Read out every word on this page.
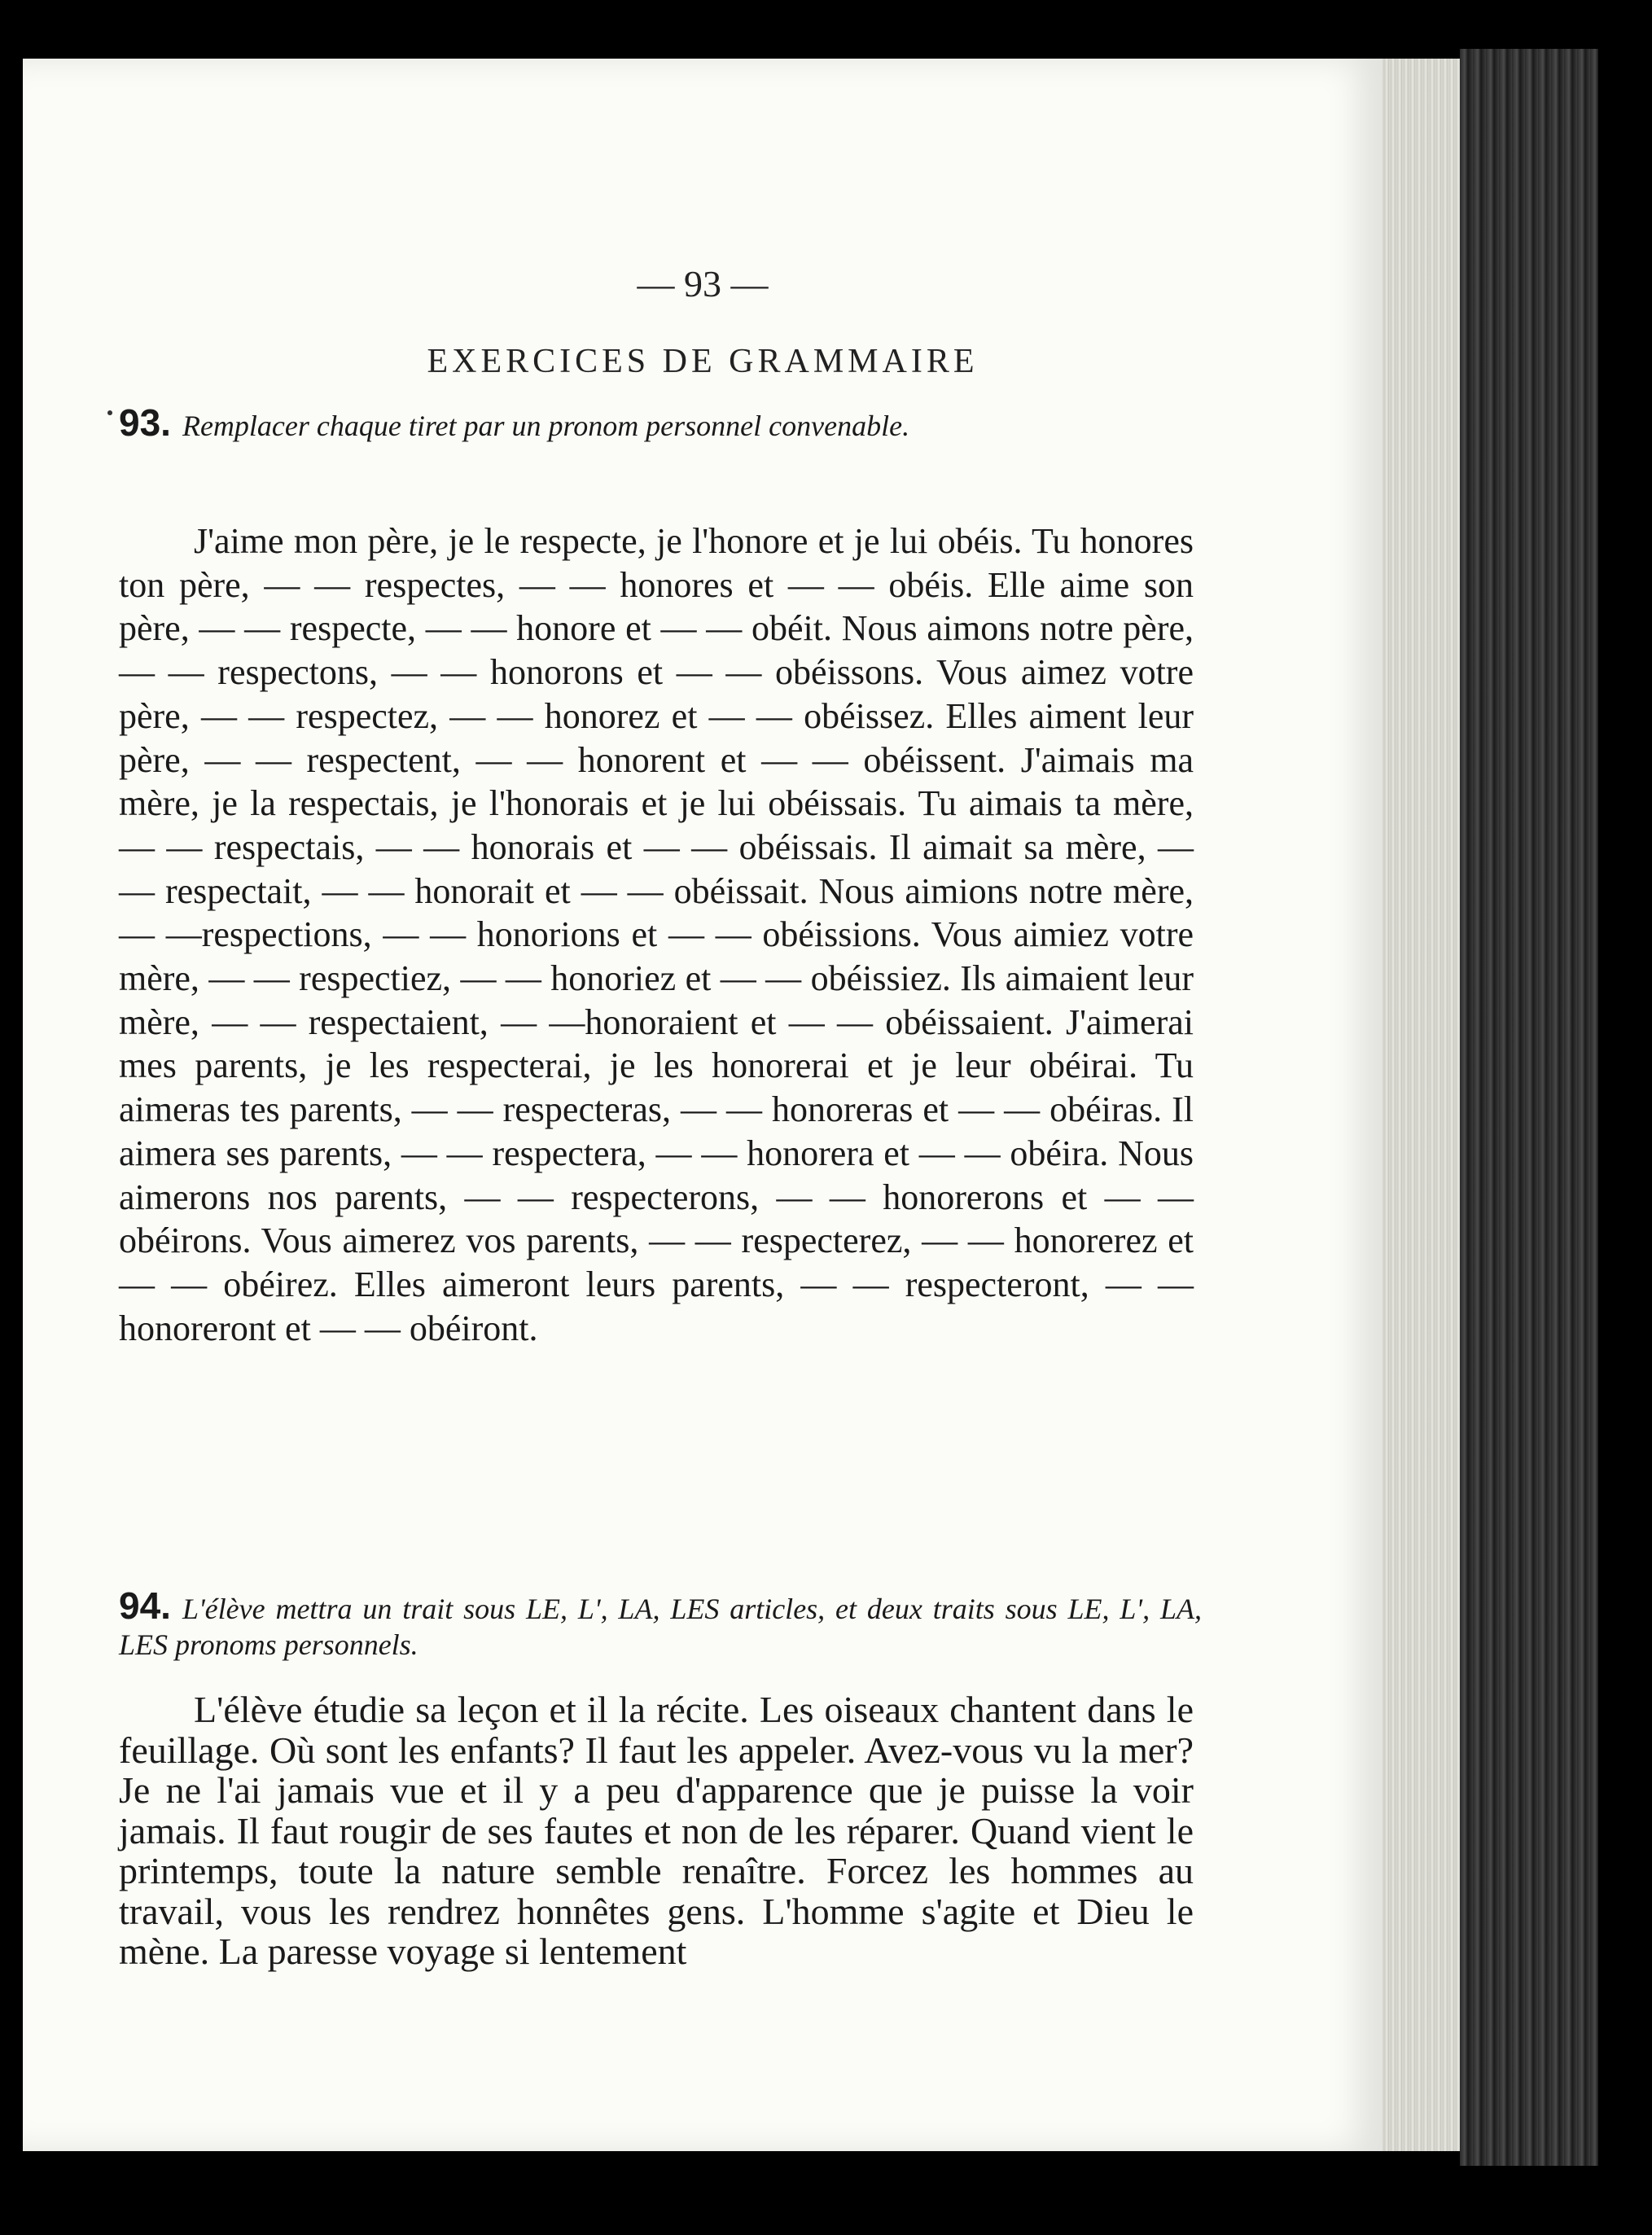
— 93 —
EXERCICES DE GRAMMAIRE
93. Remplacer chaque tiret par un pronom personnel convenable.

J'aime mon père, je le respecte, je l'honore et je lui obéis. Tu honores ton père, — — respectes, — — honores et — — obéis. Elle aime son père, — — respecte, — — honore et — — obéit. Nous aimons notre père, — — respectons, — — honorons et — — obéissons. Vous aimez votre père, — — respectez, — — honorez et — — obéissez. Elles aiment leur père, — — respectent, — — honorent et — — obéissent. J'aimais ma mère, je la respectais, je l'honorais et je lui obéissais. Tu aimais ta mère, — — respectais, — — honorais et — — obéissais. Il aimait sa mère, — — respectait, — — honorait et — — obéissait. Nous aimions notre mère, — —respections, — — honorions et — — obéissions. Vous aimiez votre mère, — — respectiez, — — honoriez et — — obéissiez. Ils aimaient leur mère, — — respectaient, — —honoraient et — — obéissaient. J'aimerai mes parents, je les respecterai, je les honorerai et je leur obéirai. Tu aimeras tes parents, — — respecteras, — — honoreras et — — obéiras. Il aimera ses parents, — — respectera, — — honorera et — — obéira. Nous aimerons nos parents, — — respecterons, — — honorerons et — — obéirons. Vous aimerez vos parents, — — respecterez, — — honorerez et — — obéirez. Elles aimeront leurs parents, — — respecteront, — — honoreront et — — obéiront.

94. L'élève mettra un trait sous LE, L', LA, LES articles, et deux traits sous LE, L', LA, LES pronoms personnels.

L'élève étudie sa leçon et il la récite. Les oiseaux chantent dans le feuillage. Où sont les enfants? Il faut les appeler. Avez-vous vu la mer? Je ne l'ai jamais vue et il y a peu d'apparence que je puisse la voir jamais. Il faut rougir de ses fautes et non de les réparer. Quand vient le printemps, toute la nature semble renaître. Forcez les hommes au travail, vous les rendrez honnêtes gens. L'homme s'agite et Dieu le mène. La paresse voyage si lentement
